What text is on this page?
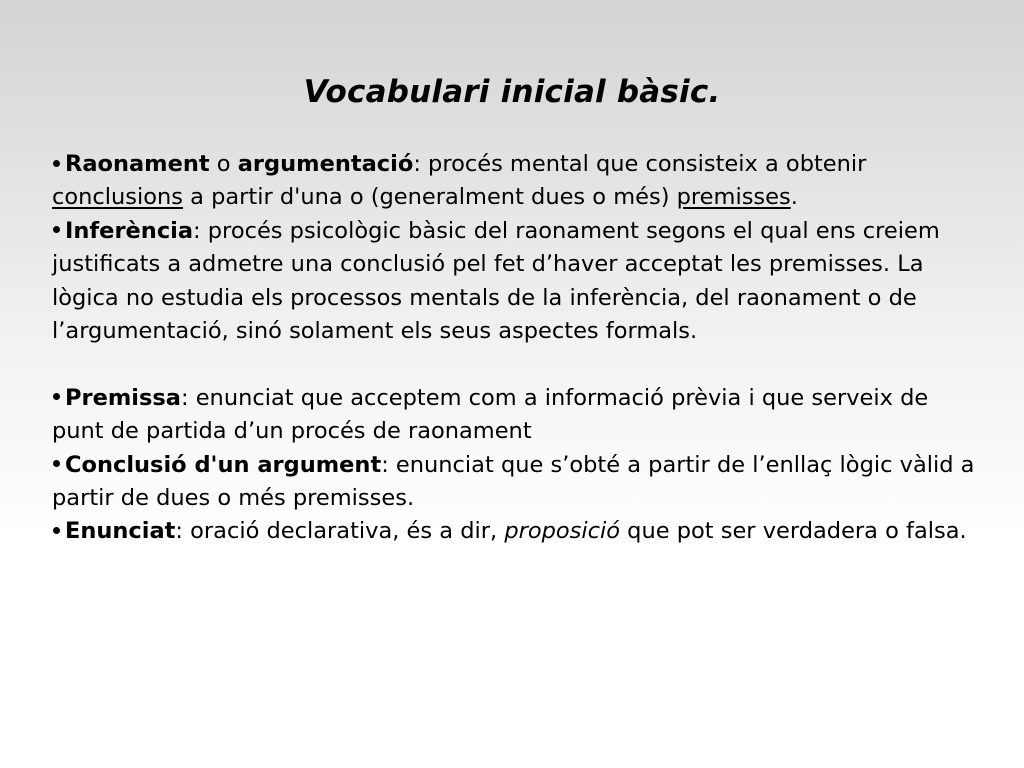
Vocabulari inicial bàsic.

Raonament o argumentació: procés mental que consisteix a obtenir conclusions a partir d'una o (generalment dues o més) premisses.

Inferència: procés psicològic bàsic del raonament segons el qual ens creiem justificats a admetre una conclusió pel fet d’haver acceptat les premisses. La lògica no estudia els processos mentals de la inferència, del raonament o de l’argumentació, sinó solament els seus aspectes formals.

Premissa: enunciat que acceptem com a informació prèvia i que serveix de punt de partida d’un procés de raonament

Conclusió d'un argument: enunciat que s’obté a partir de l’enllaç lògic vàlid a partir de dues o més premisses.

Enunciat: oració declarativa, és a dir, proposició que pot ser verdadera o falsa.
